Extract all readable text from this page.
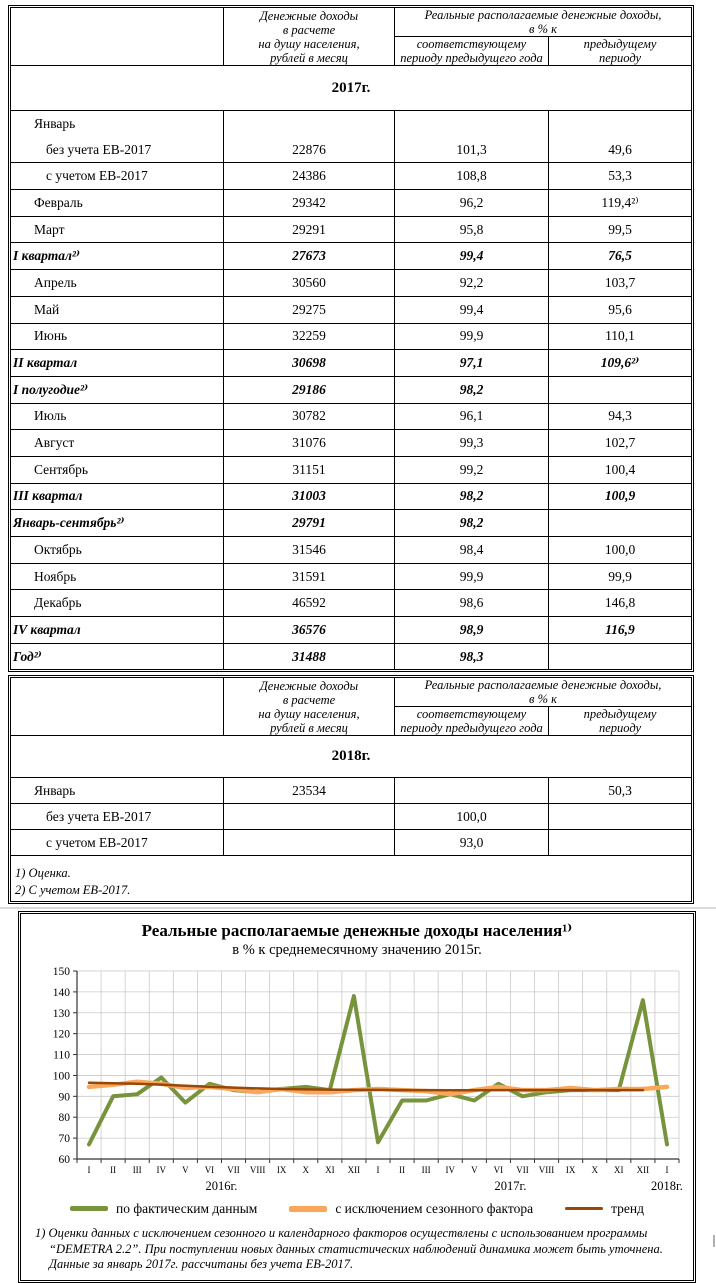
Денежные доходы
в расчете
на душу населения,
рублей в месяц
Реальные располагаемые денежные доходы,
в % к
соответствующему
периоду предыдущего года
предыдущему
периоду
2017г.
Январь
без учета ЕВ-2017	22876	101,3	49,6
с учетом ЕВ-2017	24386	108,8	53,3
Февраль	29342	96,2	119,4²⁾
Март	29291	95,8	99,5
I квартал²⁾	27673	99,4	76,5
Апрель	30560	92,2	103,7
Май	29275	99,4	95,6
Июнь	32259	99,9	110,1
II квартал	30698	97,1	109,6²⁾
I полугодие²⁾	29186	98,2
Июль	30782	96,1	94,3
Август	31076	99,3	102,7
Сентябрь	31151	99,2	100,4
III квартал	31003	98,2	100,9
Январь-сентябрь²⁾	29791	98,2
Октябрь	31546	98,4	100,0
Ноябрь	31591	99,9	99,9
Декабрь	46592	98,6	146,8
IV квартал	36576	98,9	116,9
Год²⁾	31488	98,3
Денежные доходы
в расчете
на душу населения,
рублей в месяц
Реальные располагаемые денежные доходы,
в % к
соответствующему
периоду предыдущего года
предыдущему
периоду
2018г.
Январь	23534	50,3
без учета ЕВ-2017	100,0
с учетом ЕВ-2017	93,0
1) Оценка.
2) С учетом ЕВ-2017.
Реальные располагаемые денежные доходы населения¹⁾
в % к среднемесячному значению 2015г.
60
70
80
90
100
110
120
130
140
150
I II III IV V VI VII VIII IX X XI XII I II III IV V VI VII VIII IX X XI XII I
2016г.	2017г.	2018г.
по фактическим данным	с исключением сезонного фактора	тренд
1) Оценки данных с исключением сезонного и календарного факторов осуществлены с использованием программы
“DEMETRA 2.2”. При поступлении новых данных статистических наблюдений динамика может быть уточнена.
Данные за январь 2017г. рассчитаны без учета ЕВ-2017.
